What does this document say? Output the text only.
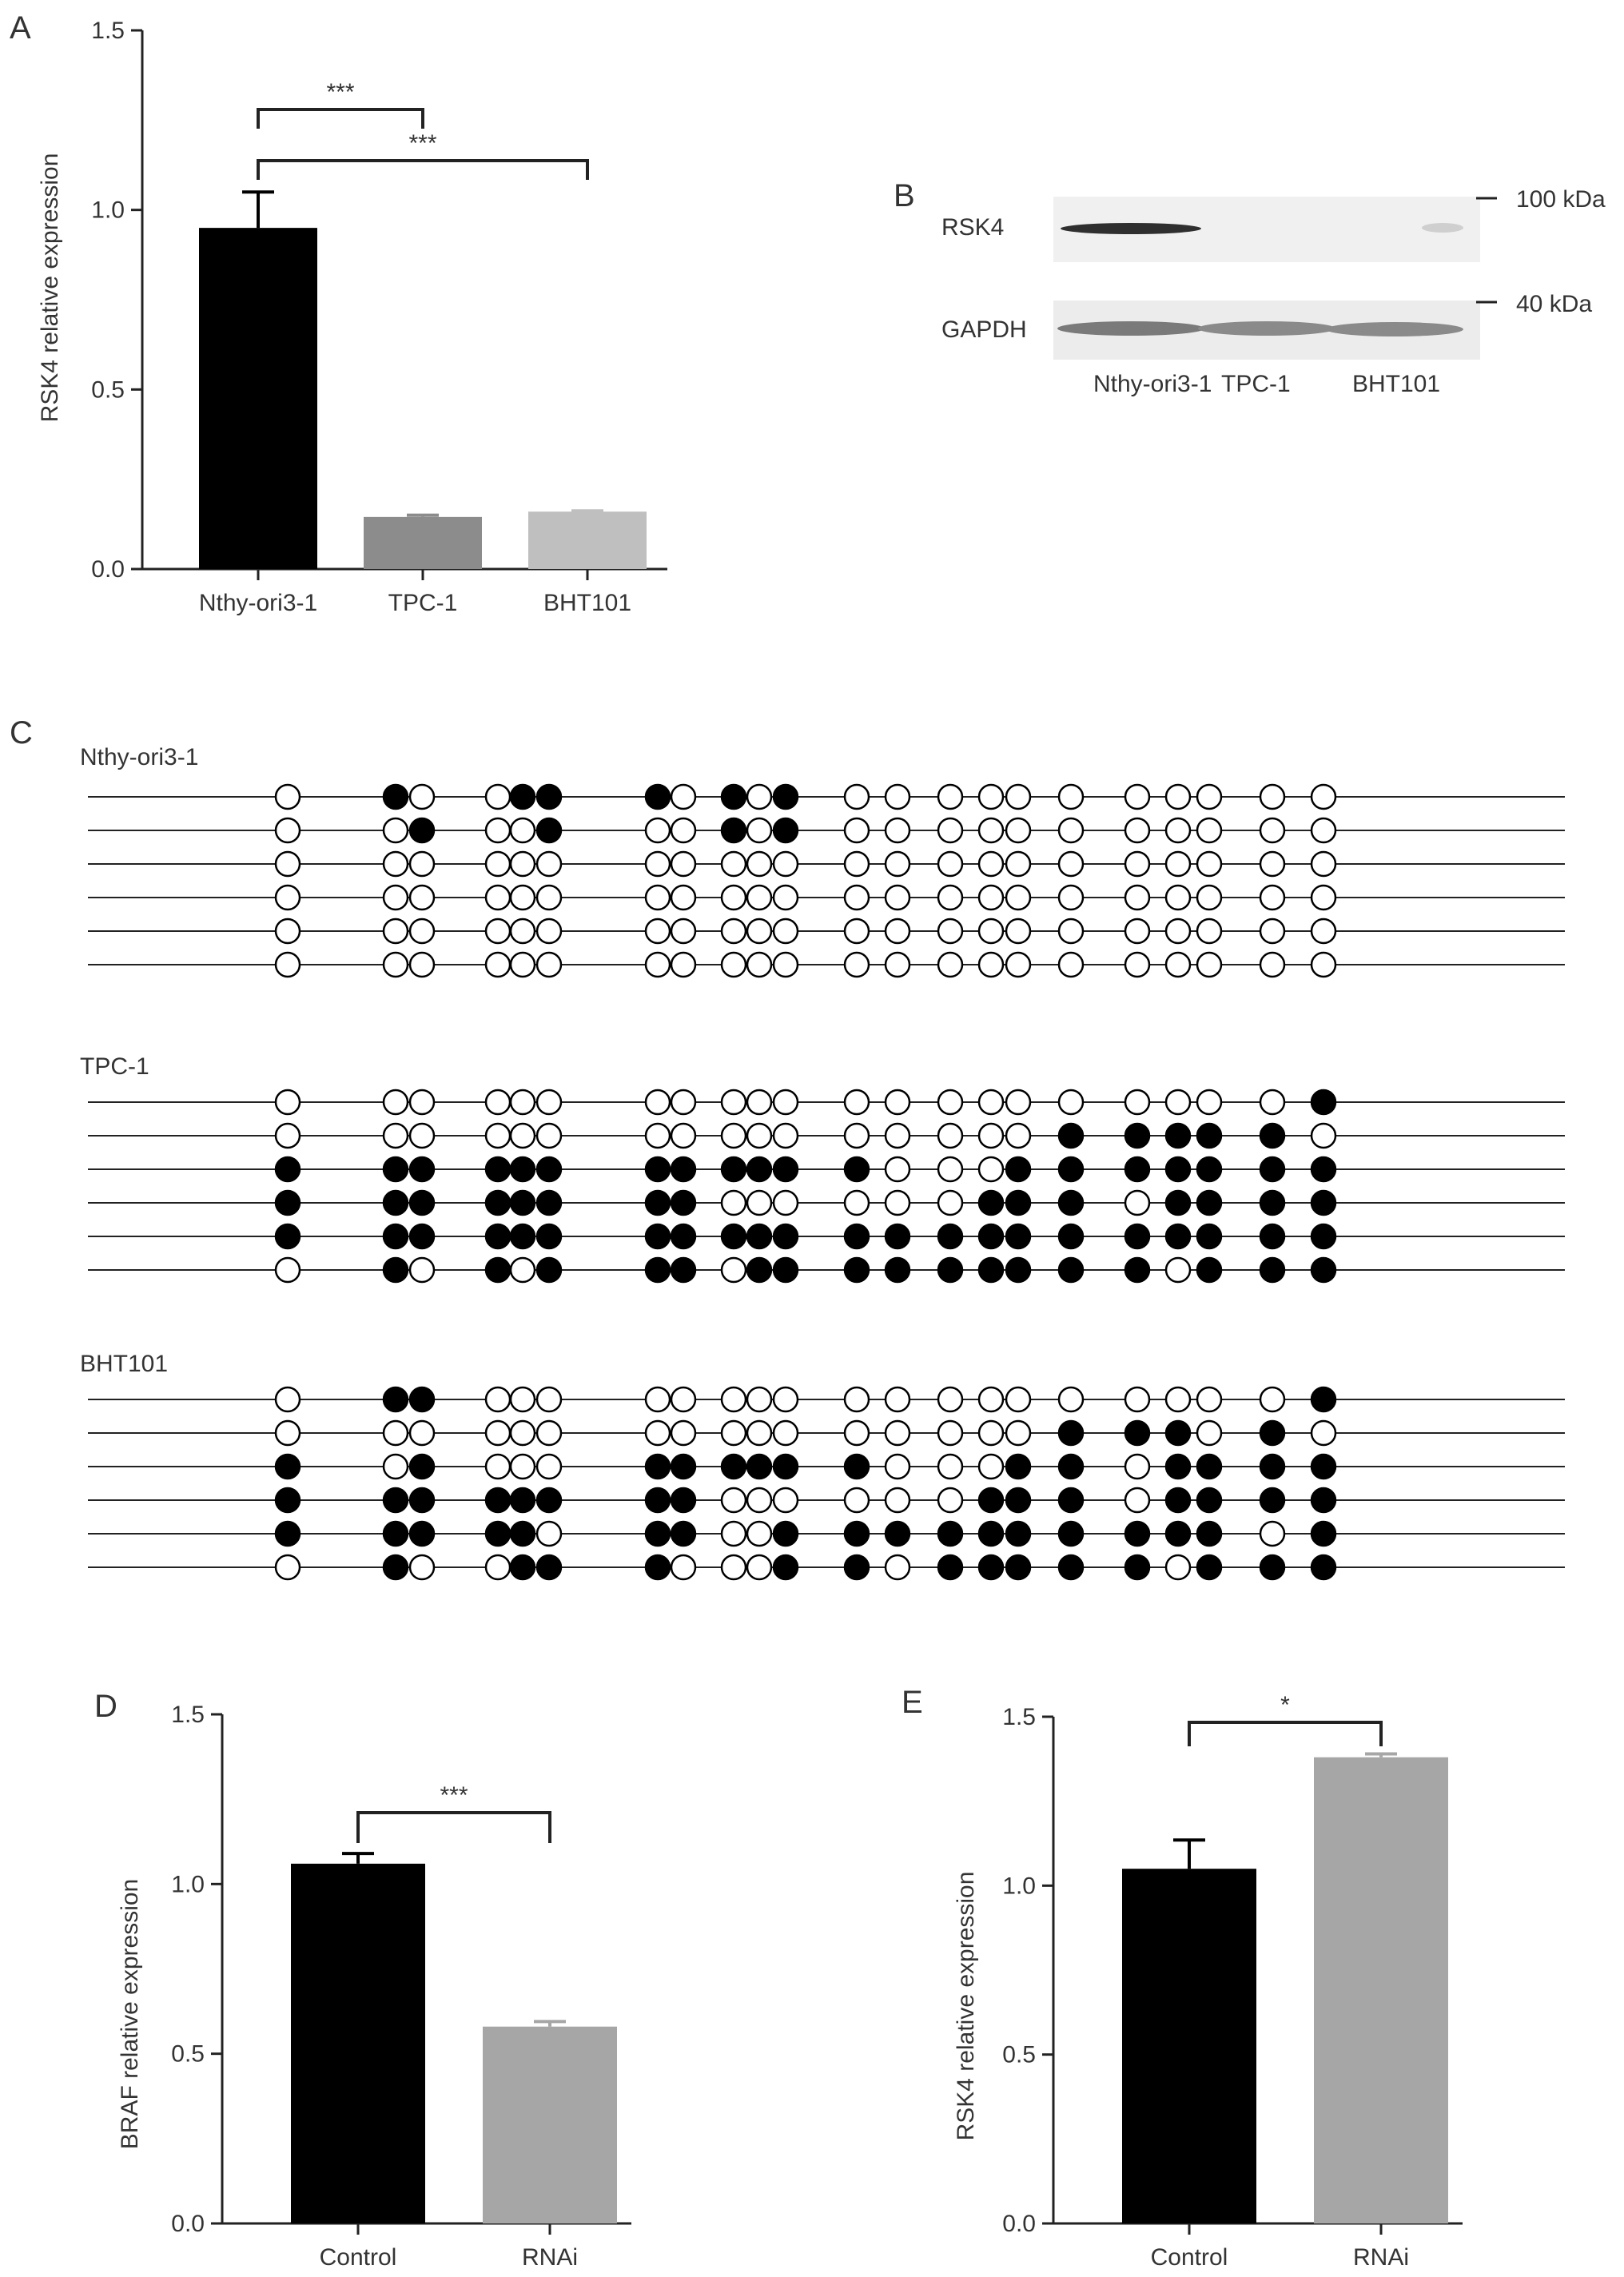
A
RSK4 relative expression
0.0
0.5
1.0
1.5
Nthy-ori3-1	TPC-1	BHT101
***
***
B
RSK4
GAPDH
100 kDa
40 kDa
Nthy-ori3-1 TPC-1	BHT101
C
Nthy-ori3-1
TPC-1
BHT101
D
BRAF relative expression
0.0
0.5
1.0
1.5
Control	RNAi
***
E
RSK4 relative expression
0.0
0.5
1.0
1.5
Control	RNAi
*
